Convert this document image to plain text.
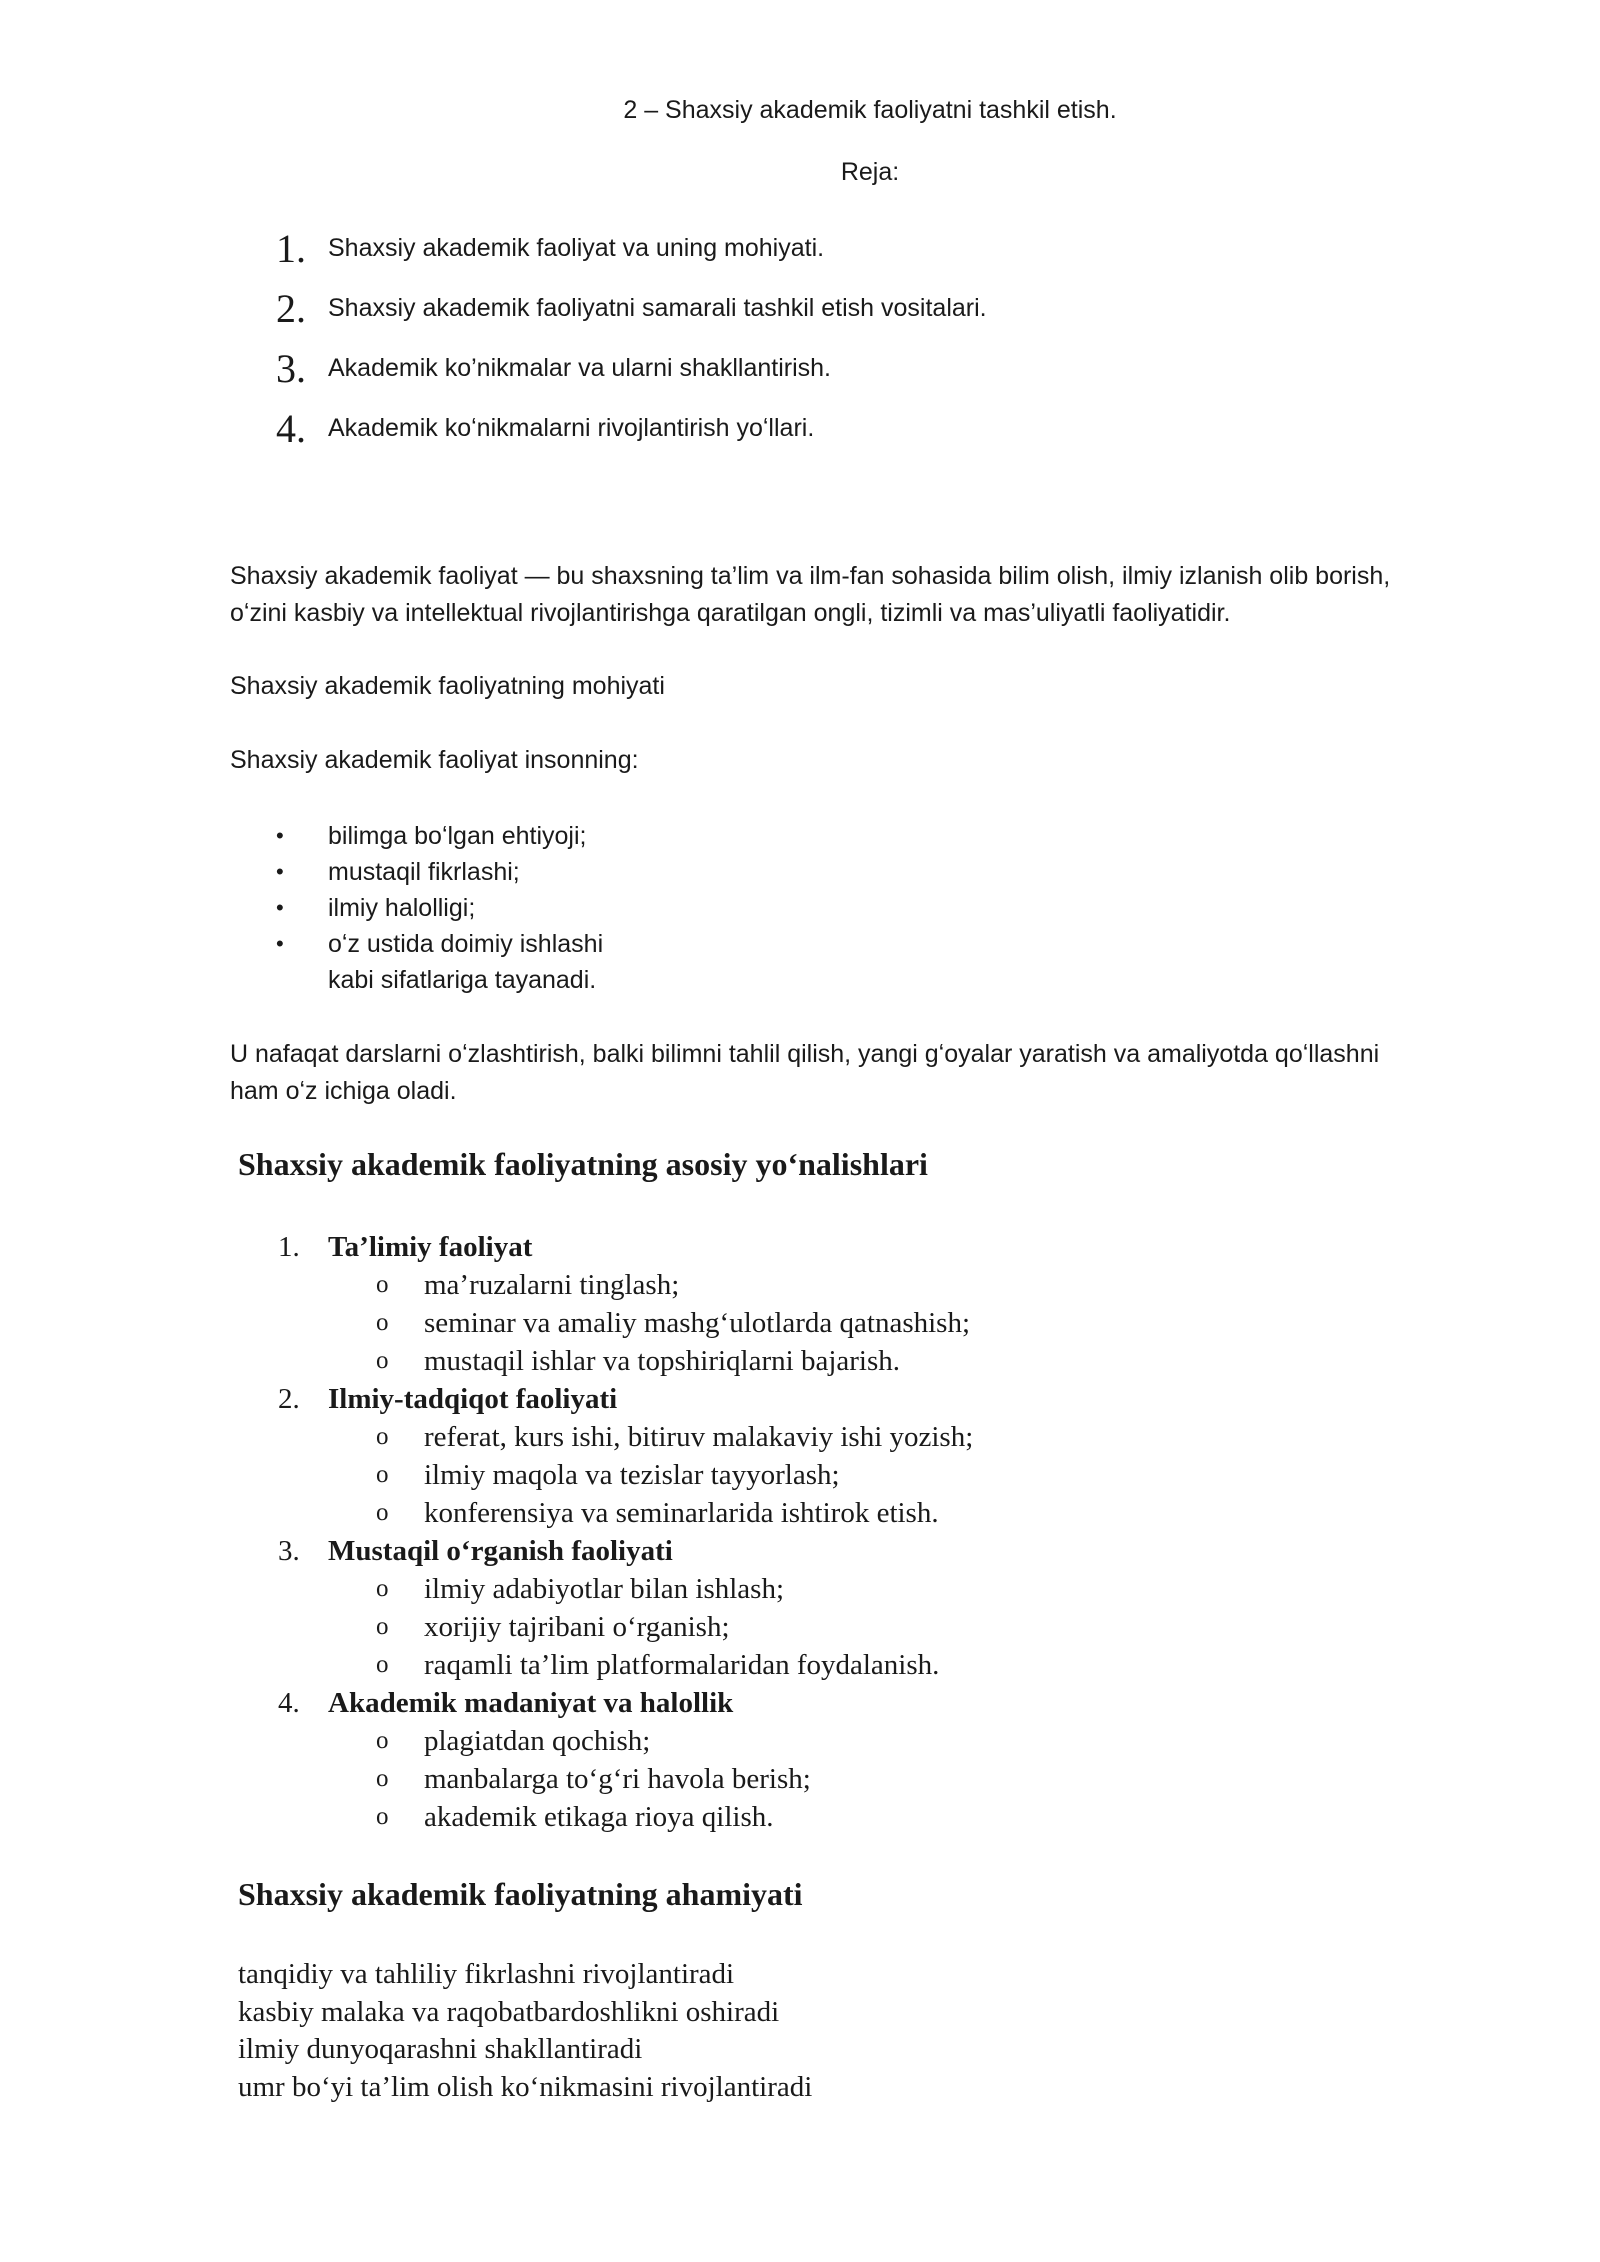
2 – Shaxsiy akademik faoliyatni tashkil etish.
Reja:
1. Shaxsiy akademik faoliyat va uning mohiyati.
2. Shaxsiy akademik faoliyatni samarali tashkil etish vositalari.
3. Akademik ko’nikmalar va ularni shakllantirish.
4. Akademik koʻnikmalarni rivojlantirish yoʻllari.

Shaxsiy akademik faoliyat — bu shaxsning ta’lim va ilm-fan sohasida bilim olish, ilmiy izlanish olib borish,
oʻzini kasbiy va intellektual rivojlantirishga qaratilgan ongli, tizimli va mas’uliyatli faoliyatidir.

Shaxsiy akademik faoliyatning mohiyati

Shaxsiy akademik faoliyat insonning:

•	bilimga boʻlgan ehtiyoji;
•	mustaqil fikrlashi;
•	ilmiy halolligi;
•	oʻz ustida doimiy ishlashi
kabi sifatlariga tayanadi.

U nafaqat darslarni oʻzlashtirish, balki bilimni tahlil qilish, yangi gʻoyalar yaratish va amaliyotda qoʻllashni
ham oʻz ichiga oladi.

Shaxsiy akademik faoliyatning asosiy yoʻnalishlari
1. Ta’limiy faoliyat
o	ma’ruzalarni tinglash;
o	seminar va amaliy mashgʻulotlarda qatnashish;
o	mustaqil ishlar va topshiriqlarni bajarish.
2. Ilmiy-tadqiqot faoliyati
o	referat, kurs ishi, bitiruv malakaviy ishi yozish;
o	ilmiy maqola va tezislar tayyorlash;
o	konferensiya va seminarlarida ishtirok etish.
3. Mustaqil oʻrganish faoliyati
o	ilmiy adabiyotlar bilan ishlash;
o	xorijiy tajribani oʻrganish;
o	raqamli ta’lim platformalaridan foydalanish.
4. Akademik madaniyat va halollik
o	plagiatdan qochish;
o	manbalarga toʻgʻri havola berish;
o	akademik etikaga rioya qilish.
Shaxsiy akademik faoliyatning ahamiyati
tanqidiy va tahliliy fikrlashni rivojlantiradi
kasbiy malaka va raqobatbardoshlikni oshiradi
ilmiy dunyoqarashni shakllantiradi
umr boʻyi ta’lim olish koʻnikmasini rivojlantiradi
